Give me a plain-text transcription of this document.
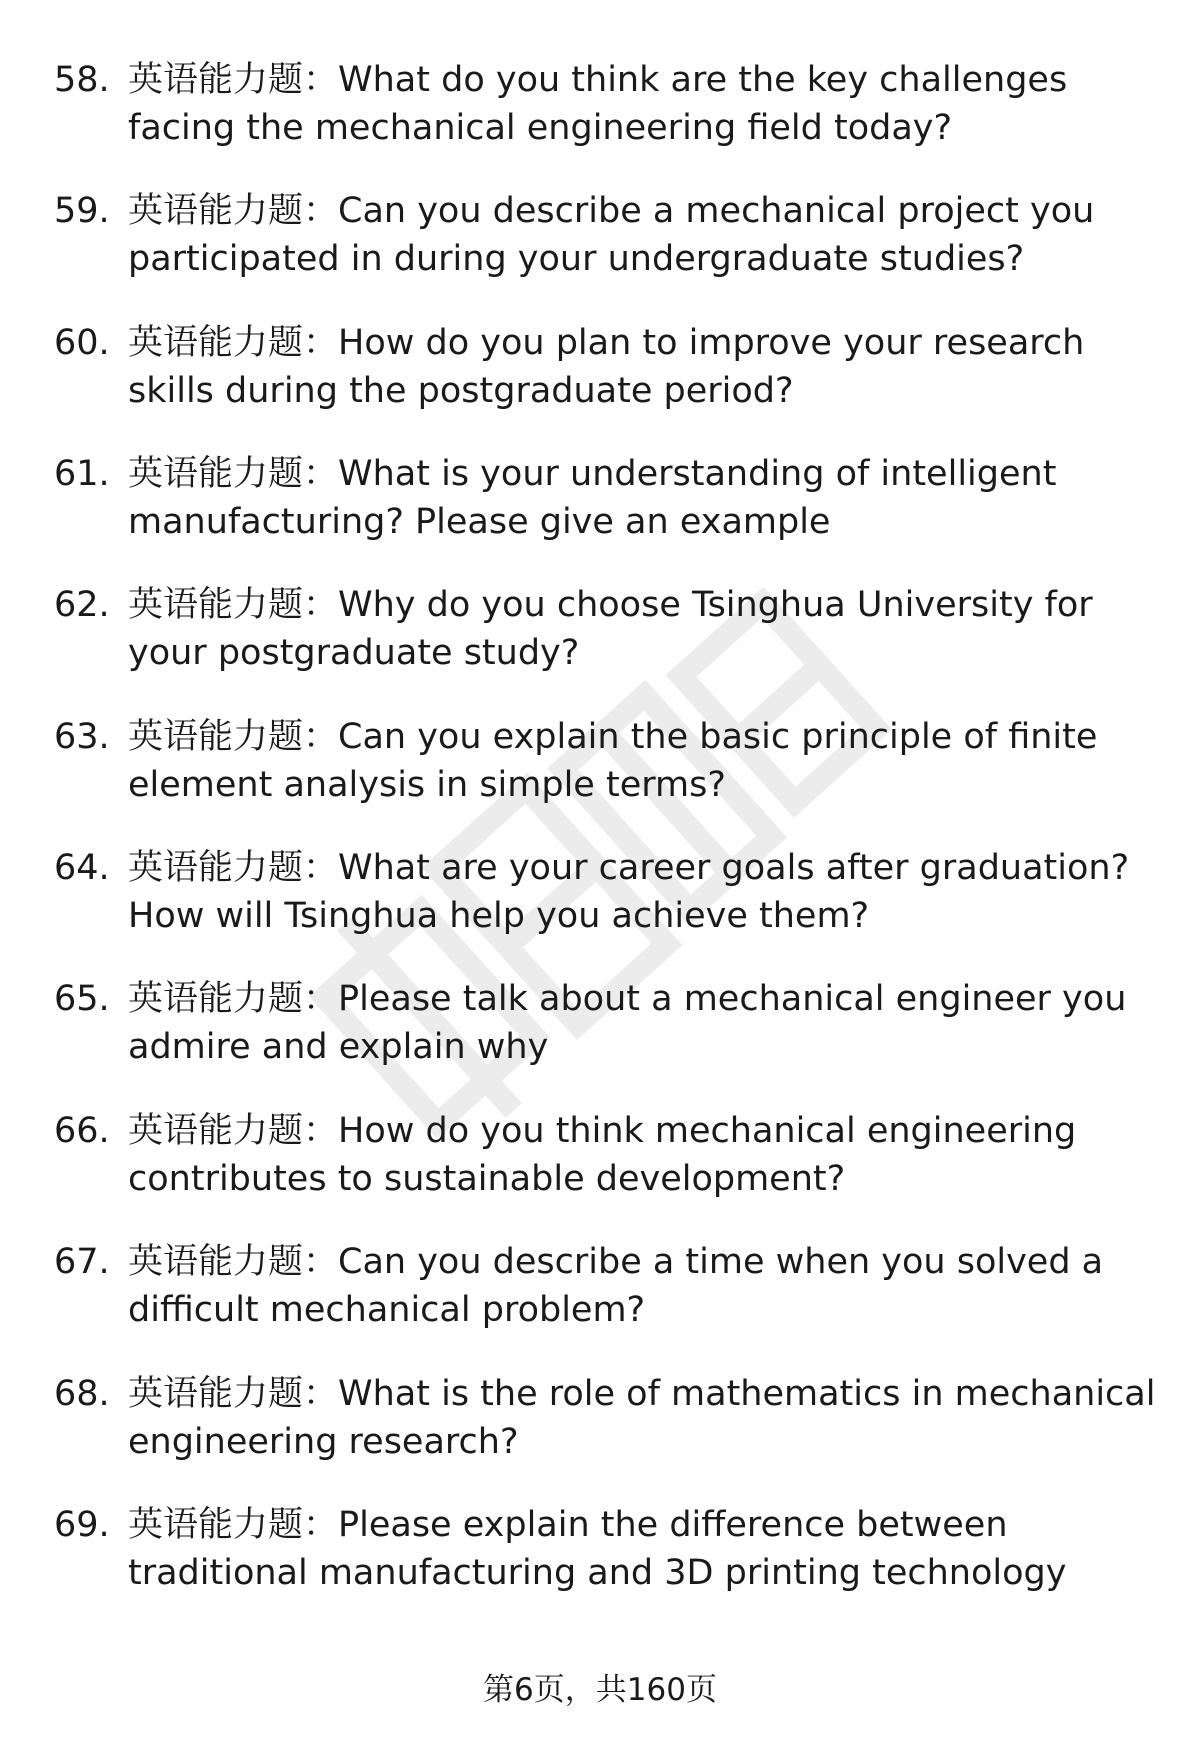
58. 英语能力题：What do you think are the key challenges
facing the mechanical engineering field today?
59. 英语能力题：Can you describe a mechanical project you
participated in during your undergraduate studies?
60. 英语能力题：How do you plan to improve your research
skills during the postgraduate period?
61. 英语能力题：What is your understanding of intelligent
manufacturing? Please give an example
62. 英语能力题：Why do you choose Tsinghua University for
your postgraduate study?
63. 英语能力题：Can you explain the basic principle of finite
element analysis in simple terms?
64. 英语能力题：What are your career goals after graduation?
How will Tsinghua help you achieve them?
65. 英语能力题：Please talk about a mechanical engineer you
admire and explain why
66. 英语能力题：How do you think mechanical engineering
contributes to sustainable development?
67. 英语能力题：Can you describe a time when you solved a
difficult mechanical problem?
68. 英语能力题：What is the role of mathematics in mechanical
engineering research?
69. 英语能力题：Please explain the difference between
traditional manufacturing and 3D printing technology
第6页，共160页
